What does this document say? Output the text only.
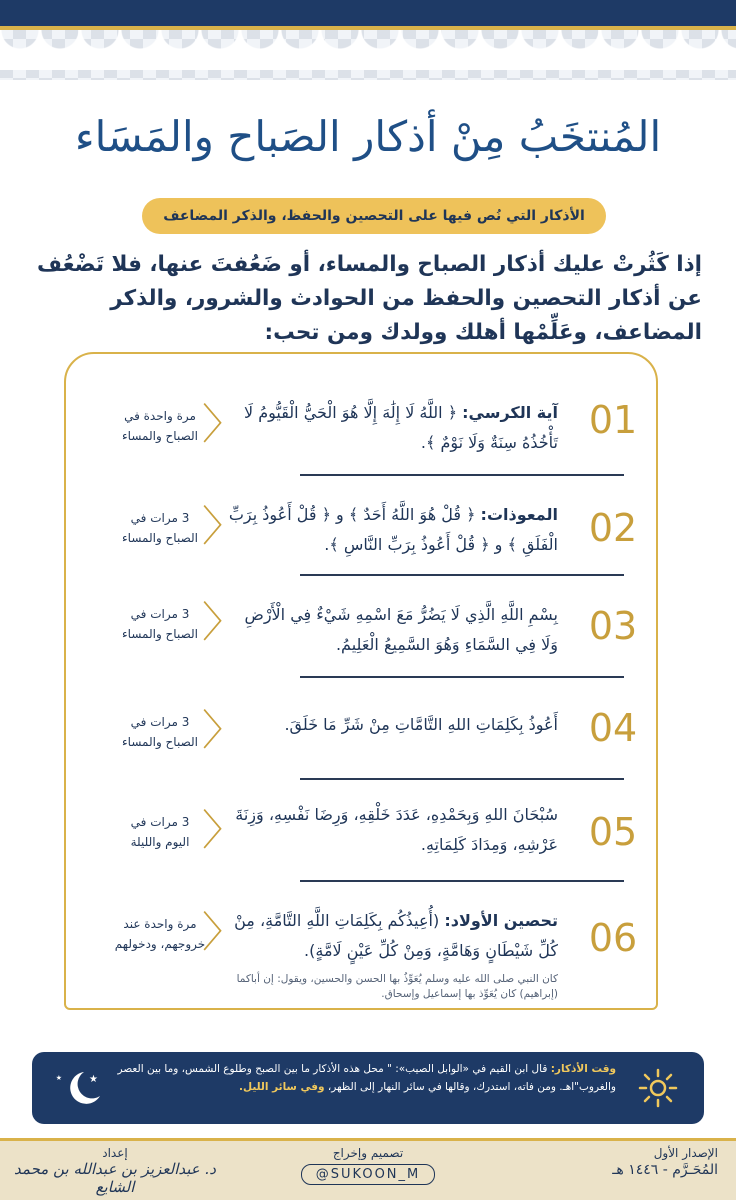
المُنتخَبُ مِنْ أذكار الصَباح والمَسَاء
الأذكار التي نُص فيها على التحصين والحفظ، والذكر المضاعف
إذا كَثُرتْ عليك أذكار الصباح والمساء، أو ضَعُفتَ عنها، فلا تَضْعُف عن أذكار التحصين والحفظ من الحوادث والشرور، والذكر المضاعف، وعَلِّمْها أهلك وولدك ومن تحب:
01
آية الكرسي: ﴿ اللَّهُ لَا إِلَٰهَ إِلَّا هُوَ الْحَيُّ الْقَيُّومُ لَا تَأْخُذُهُ سِنَةٌ وَلَا نَوْمٌ ﴾.
مرة واحدة في
الصباح والمساء 〈
02
المعوذات: ﴿ قُلْ هُوَ اللَّهُ أَحَدٌ ﴾ و ﴿ قُلْ أَعُوذُ بِرَبِّ الْفَلَقِ ﴾ و ﴿ قُلْ أَعُوذُ بِرَبِّ النَّاسِ ﴾.
3 مرات في
الصباح والمساء 〈
03
بِسْمِ اللَّهِ الَّذِي لَا يَضُرُّ مَعَ اسْمِهِ شَيْءٌ فِي الْأَرْضِ وَلَا فِي السَّمَاءِ وَهُوَ السَّمِيعُ الْعَلِيمُ.
3 مرات في
الصباح والمساء 〈
04
أَعُوذُ بِكَلِمَاتِ اللهِ التَّامَّاتِ مِنْ شَرِّ مَا خَلَقَ.
3 مرات في
الصباح والمساء 〈
05
سُبْحَانَ اللهِ وَبِحَمْدِهِ، عَدَدَ خَلْقِهِ، وَرِضَا نَفْسِهِ، وَزِنَةَ عَرْشِهِ، وَمِدَادَ كَلِمَاتِهِ.
3 مرات في
اليوم والليلة 〈
06
تحصين الأولاد: (أُعِيذُكُم بِكَلِمَاتِ اللَّهِ التَّامَّةِ، مِنْ كُلِّ شَيْطَانٍ وَهَامَّةٍ، وَمِنْ كُلِّ عَيْنٍ لَامَّةٍ).
كان النبي صلى الله عليه وسلم يُعَوِّذُ بها الحسن والحسين، ويقول: إن أباكما (إبراهيم) كان يُعَوِّذ بها إسماعيل وإسحاق.
مرة واحدة عند
خروجهم، ودخولهم
〈
وقت الأذكار: قال ابن القيم في «الوابل الصيب»: " محل هذه الأذكار ما بين الصبح وطلوع الشمس، وما بين العصر والغروب"اهـ. ومن فاته، استدرك، وقالها في سائر النهار إلى الظهر، وفي سائر الليل.
★
★
الإصدار الأول
المُحَـرَّم - ١٤٤٦ هـ
تصميم وإخراج
@SUKOON_M
إعداد
د. عبدالعزيز بن عبدالله بن محمد الشايع
